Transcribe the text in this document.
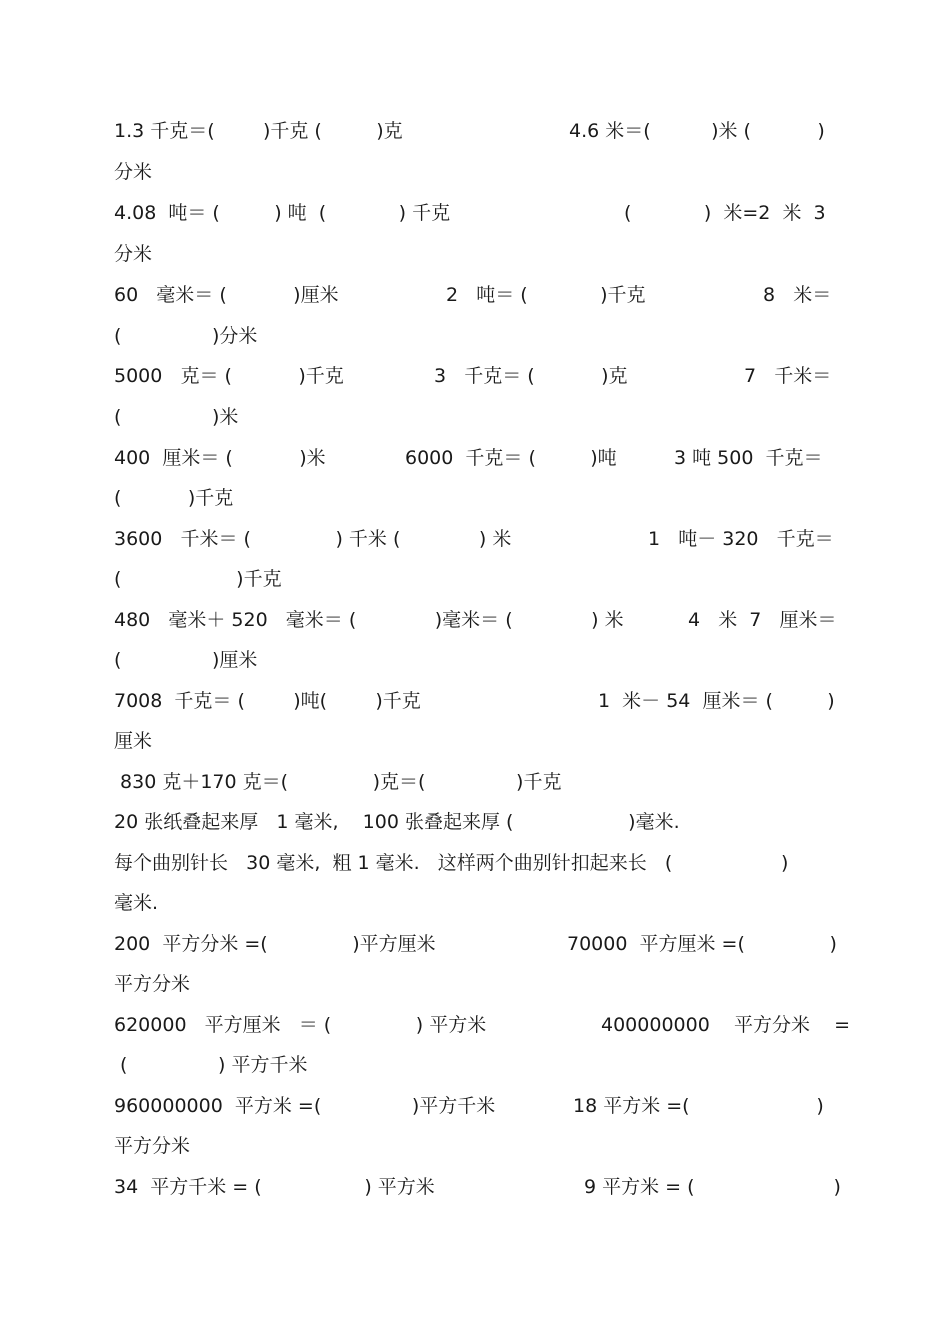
1.3 千克＝(        )千克 (         )克	4.6 米＝(          )米 (           )
分米
4.08  吨＝ (         ) 吨  (            ) 千克	(            )  米=2  米  3
分米
60   毫米＝ (           )厘米	2   吨＝ (            )千克	8   米＝
(               )分米
5000   克＝ (           )千克	3   千克＝ (           )克	7   千米＝
(               )米
400  厘米＝ (           )米	6000  千克＝ (         )吨	3 吨 500  千克＝
(           )千克
3600   千米＝ (              ) 千米 (             ) 米	1   吨－ 320   千克＝
(                   )千克
480   毫米＋ 520   毫米＝ (             )毫米＝ (             ) 米	4   米  7   厘米＝
(               )厘米
7008  千克＝ (        )吨(        )千克	1  米－ 54  厘米＝ (         )
厘米
830 克＋170 克＝(              )克＝(               )千克
20 张纸叠起来厚   1 毫米,    100 张叠起来厚 (                   )毫米.
每个曲别针长   30 毫米,  粗 1 毫米.   这样两个曲别针扣起来长   (                  )
毫米.
200  平方分米 =(              )平方厘米	70000  平方厘米 =(              )
平方分米
620000   平方厘米   ＝ (              ) 平方米	400000000    平方分米    =
(               ) 平方千米
960000000  平方米 =(               )平方千米	18 平方米 =(                     )
平方分米
34  平方千米 = (                 ) 平方米	9 平方米 = (                       )
